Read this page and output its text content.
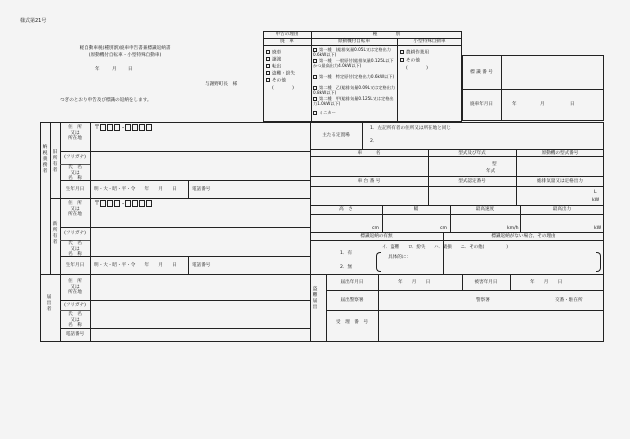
様式第21号
軽自動車税(種別割)廃車申告書兼標識返納書
(原動機付自転車・小型特殊自動車)
年	月 日
与謝野町長　様
つぎのとおり申告及び標識の返納をします。
申告の理由	種　　　　別
廃　車	原動機付自転車	小型特殊自動車
廃車
譲渡
転出
盗難・紛失
その他
(　　　　)
第一種　(総排気量0.05L又は定格出力0.6kW以下)
第一種　一般原付(総排気量0.125L以下かつ最高出力4.0kW以下)
第一種　特定原付(定格出力0.6kW以下)
第二種　乙(総排気量0.09L又は定格出力0.8kW以下)
第二種　甲(総排気量0.125L又は定格出力1.0kW以下)
ミニカー
農耕作業用
その他
(　　　　)
標 識 番 号
廃車年月日	年	月	日
納税義務者
旧所有者
新所有者
住　所
又は
所在地
〒	-
(フリガナ)
氏　名
又は
名　称
生年月日	明・大・昭・平・令　　年　　月　　日	電話番号
住　所
又は
所在地
〒	-
(フリガナ)
氏　名
又は
名　称
生年月日	明・大・昭・平・令　　年　　月　　日	電話番号
届出者
住　所
又は
所在地
(フリガナ)
氏　名
又は
名　称
電話番号
主たる定置場
1．左記所有者の住所又は所在地と同じ
2．
車　　　名	型式及び年式	原動機の型式番号
型
年式
車 台 番 号	型式認定番号	総排気量又は定格出力
L
kW
高　さ	幅	最高速度	最高出力
cm	cm	km/h	kW
標識返納の有無	標識返納がない場合、その理由
1．有
2．無
イ．盗難　　ロ．紛失　　ハ．破損　　ニ．その他(　　　　　)
具体的に：
盗難届出
届出年月日	年　　月　　日	被害年月日	年　　月　　日
届出警察署	警察署	交番・駐在所
受　理　番　号
